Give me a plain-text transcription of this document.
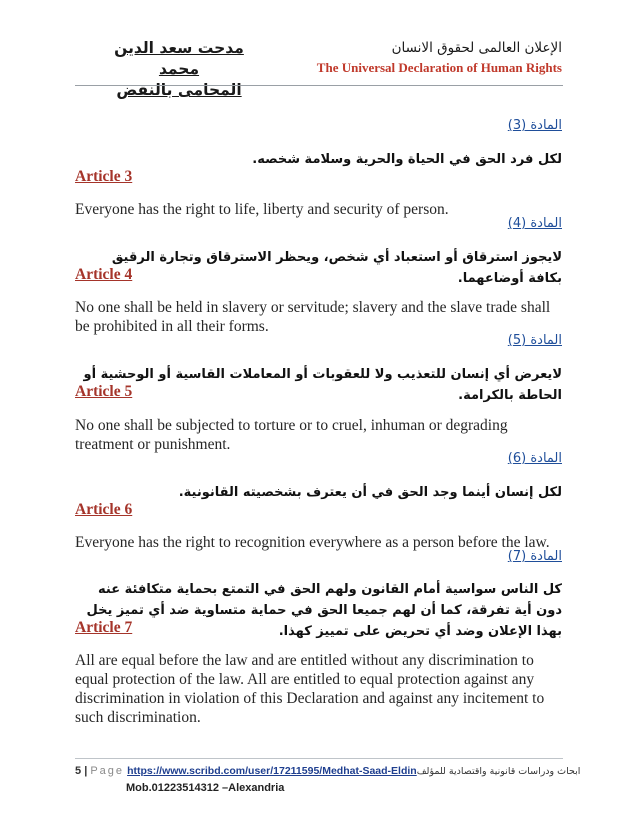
مدحت سعد الدين محمد
المحامى بالنقض
الإعلان العالمى لحقوق الانسان
The Universal Declaration of Human Rights
المادة (3)
لكل فرد الحق في الحياة والحرية وسلامة شخصه.
Article 3
Everyone has the right to life, liberty and security of person.
المادة (4)
لايجوز استرقاق أو استعباد أي شخص، ويحظر الاسترقاق وتجارة الرقيق بكافة أوضاعهما.
Article 4
No one shall be held in slavery or servitude; slavery and the slave trade shall be prohibited in all their forms.
المادة (5)
لايعرض أي إنسان للتعذيب ولا للعقوبات أو المعاملات القاسية أو الوحشية أو الحاطة بالكرامة.
Article 5
No one shall be subjected to torture or to cruel, inhuman or degrading treatment or punishment.
المادة (6)
لكل إنسان أينما وجد الحق في أن يعترف بشخصيته القانونية.
Article 6
Everyone has the right to recognition everywhere as a person before the law.
المادة (7)
كل الناس سواسية أمام القانون ولهم الحق في التمتع بحماية متكافئة عنه دون أية تفرقة، كما أن لهم جميعا الحق في حماية متساوية ضد أي تميز يخل بهذا الإعلان وضد أي تحريض على تمييز كهذا.
Article 7
All are equal before the law and are entitled without any discrimination to equal protection of the law. All are entitled to equal protection against any discrimination in violation of this Declaration and against any incitement to such discrimination.
5 | Page https://www.scribd.com/user/17211595/Medhat-Saad-Eldinابحاث ودراسات قانونية واقتصادية للمؤلف
Mob.01223514312 –Alexandria
